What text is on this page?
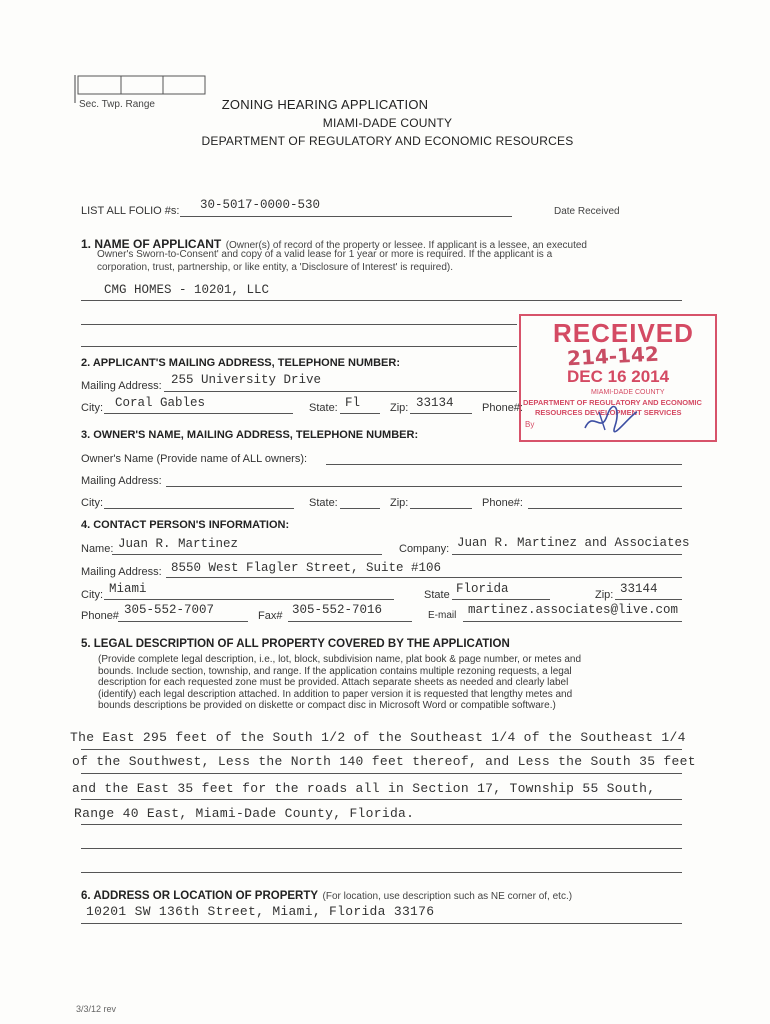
Sec. Twp. Range	ZONING HEARING APPLICATION
MIAMI-DADE COUNTY
DEPARTMENT OF REGULATORY AND ECONOMIC RESOURCES
LIST ALL FOLIO #s: 30-5017-0000-530	Date Received
1. NAME OF APPLICANT (Owner(s) of record of the property or lessee. If applicant is a lessee, an executed
Owner's Sworn-to-Consent' and copy of a valid lease for 1 year or more is required. If the applicant is a
corporation, trust, partnership, or like entity, a 'Disclosure of Interest' is required).
CMG HOMES - 10201, LLC
RECEIVED
214-142
DEC 16 2014
MIAMI-DADE COUNTY
DEPARTMENT OF REGULATORY AND ECONOMIC
RESOURCES DEVELOPMENT SERVICES
By
2. APPLICANT'S MAILING ADDRESS, TELEPHONE NUMBER:
Mailing Address: 255 University Drive
City: Coral Gables	State: Fl	Zip: 33134	Phone#:
3. OWNER'S NAME, MAILING ADDRESS, TELEPHONE NUMBER:
Owner's Name (Provide name of ALL owners):
Mailing Address:
City:	State:	Zip:	Phone#:
4. CONTACT PERSON'S INFORMATION:
Name: Juan R. Martinez	Company: Juan R. Martinez and Associates
Mailing Address: 8550 West Flagler Street, Suite #106
City: Miami	State Florida	Zip: 33144
Phone# 305-552-7007	Fax# 305-552-7016	E-mail martinez.associates@live.com
5. LEGAL DESCRIPTION OF ALL PROPERTY COVERED BY THE APPLICATION
(Provide complete legal description, i.e., lot, block, subdivision name, plat book & page number, or metes and
bounds. Include section, township, and range. If the application contains multiple rezoning requests, a legal
description for each requested zone must be provided. Attach separate sheets as needed and clearly label
(identify) each legal description attached. In addition to paper version it is requested that lengthy metes and
bounds descriptions be provided on diskette or compact disc in Microsoft Word or compatible software.)
The East 295 feet of the South 1/2 of the Southeast 1/4 of the Southeast 1/4
of the Southwest, Less the North 140 feet thereof, and Less the South 35 feet
and the East 35 feet for the roads all in Section 17, Township 55 South,
Range 40 East, Miami-Dade County, Florida.
6. ADDRESS OR LOCATION OF PROPERTY (For location, use description such as NE corner of, etc.)
10201 SW 136th Street, Miami, Florida 33176
3/3/12 rev
